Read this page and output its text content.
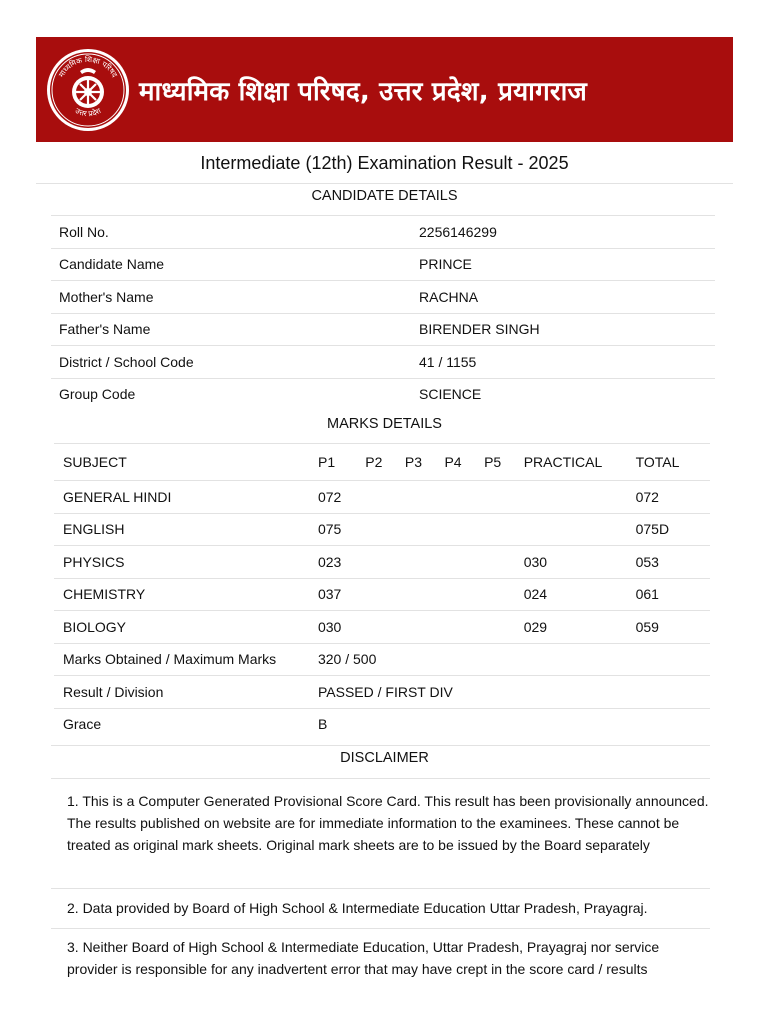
माध्यमिक शिक्षा परिषद
उत्तर प्रदेश
माध्यमिक शिक्षा परिषद, उत्तर प्रदेश, प्रयागराज
Intermediate (12th) Examination Result - 2025
CANDIDATE DETAILS
Roll No.	2256146299
Candidate Name	PRINCE
Mother's Name	RACHNA
Father's Name	BIRENDER SINGH
District / School Code	41 / 1155
Group Code	SCIENCE
MARKS DETAILS
SUBJECT	P1	P2	P3	P4	P5	PRACTICAL	TOTAL
GENERAL HINDI	072						072
ENGLISH	075						075D
PHYSICS	023					030	053
CHEMISTRY	037					024	061
BIOLOGY	030					029	059
Marks Obtained / Maximum Marks	320 / 500						
Result / Division	PASSED / FIRST DIV						
Grace	B						
DISCLAIMER
1. This is a Computer Generated Provisional Score Card. This result has been provisionally announced. The results published on website are for immediate information to the examinees. These cannot be treated as original mark sheets. Original mark sheets are to be issued by the Board separately
2. Data provided by Board of High School & Intermediate Education Uttar Pradesh, Prayagraj.
3. Neither Board of High School & Intermediate Education, Uttar Pradesh, Prayagraj nor service provider is responsible for any inadvertent error that may have crept in the score card / results
